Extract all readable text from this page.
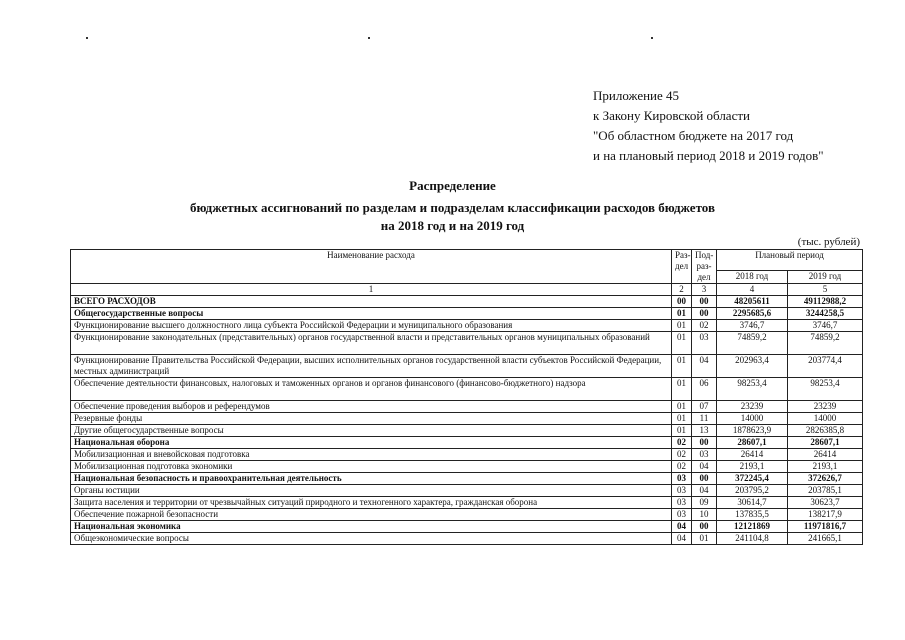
Приложение 45
к Закону Кировской области
"Об областном бюджете на 2017 год
и на плановый период 2018 и 2019 годов"
Распределение
бюджетных ассигнований по разделам и подразделам классификации расходов бюджетов
на 2018 год и на 2019 год
(тыс. рублей)
Наименование расхода	Раз-дел	Под-раз-дел	Плановый период	
			2018 год	2019 год
1	2	3	4	5
ВСЕГО РАСХОДОВ	00	00	48205611	49112988,2
Общегосударственные вопросы	01	00	2295685,6	3244258,5
Функционирование высшего должностного лица субъекта Российской Федерации и муниципального образования	01	02	3746,7	3746,7
Функционирование законодательных (представительных) органов государственной власти и представительных органов муниципальных образований	01	03	74859,2	74859,2
Функционирование Правительства Российской Федерации, высших исполнительных органов государственной власти субъектов Российской Федерации, местных администраций	01	04	202963,4	203774,4
Обеспечение деятельности финансовых, налоговых и таможенных органов и органов финансового (финансово-бюджетного) надзора	01	06	98253,4	98253,4
Обеспечение проведения выборов и референдумов	01	07	23239	23239
Резервные фонды	01	11	14000	14000
Другие общегосударственные вопросы	01	13	1878623,9	2826385,8
Национальная оборона	02	00	28607,1	28607,1
Мобилизационная и вневойсковая подготовка	02	03	26414	26414
Мобилизационная подготовка экономики	02	04	2193,1	2193,1
Национальная безопасность и правоохранительная деятельность	03	00	372245,4	372626,7
Органы юстиции	03	04	203795,2	203785,1
Защита населения и территории от чрезвычайных ситуаций природного и техногенного характера, гражданская оборона	03	09	30614,7	30623,7
Обеспечение пожарной безопасности	03	10	137835,5	138217,9
Национальная экономика	04	00	12121869	11971816,7
Общеэкономические вопросы	04	01	241104,8	241665,1
